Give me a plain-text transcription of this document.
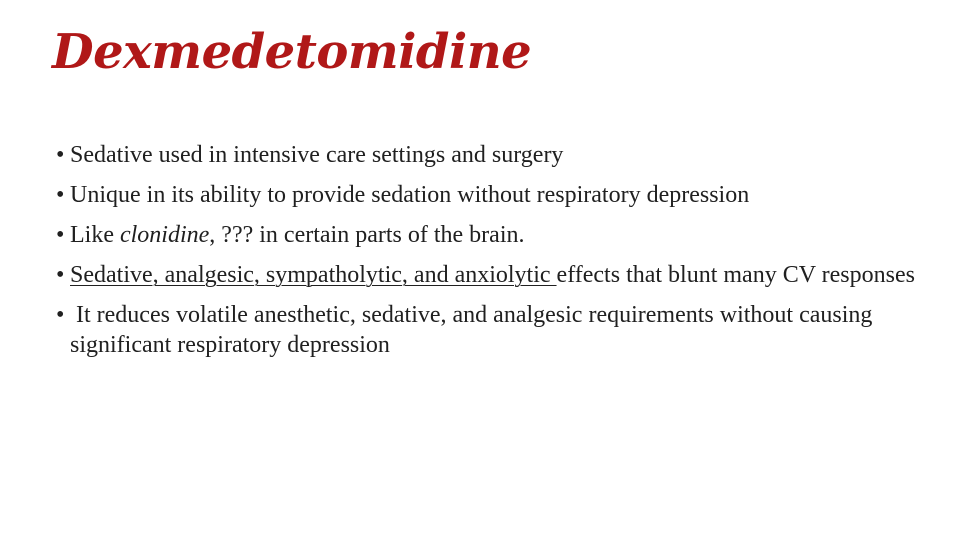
Dexmedetomidine
• Sedative used in intensive care settings and surgery
• Unique in its ability to provide sedation without respiratory depression
• Like clonidine, ??? in certain parts of the brain.
• Sedative, analgesic, sympatholytic, and anxiolytic effects that blunt many CV responses
•  It reduces volatile anesthetic, sedative, and analgesic requirements without causing significant respiratory depression
